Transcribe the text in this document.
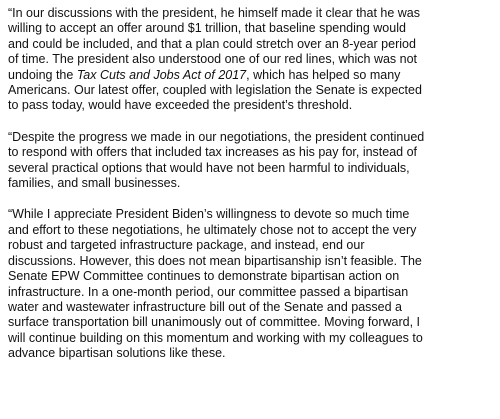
“In our discussions with the president, he himself made it clear that he was
willing to accept an offer around $1 trillion, that baseline spending would
and could be included, and that a plan could stretch over an 8-year period
of time. The president also understood one of our red lines, which was not
undoing the Tax Cuts and Jobs Act of 2017, which has helped so many
Americans. Our latest offer, coupled with legislation the Senate is expected
to pass today, would have exceeded the president’s threshold.

“Despite the progress we made in our negotiations, the president continued
to respond with offers that included tax increases as his pay for, instead of
several practical options that would have not been harmful to individuals,
families, and small businesses.

“While I appreciate President Biden’s willingness to devote so much time
and effort to these negotiations, he ultimately chose not to accept the very
robust and targeted infrastructure package, and instead, end our
discussions. However, this does not mean bipartisanship isn’t feasible. The
Senate EPW Committee continues to demonstrate bipartisan action on
infrastructure. In a one-month period, our committee passed a bipartisan
water and wastewater infrastructure bill out of the Senate and passed a
surface transportation bill unanimously out of committee. Moving forward, I
will continue building on this momentum and working with my colleagues to
advance bipartisan solutions like these.
